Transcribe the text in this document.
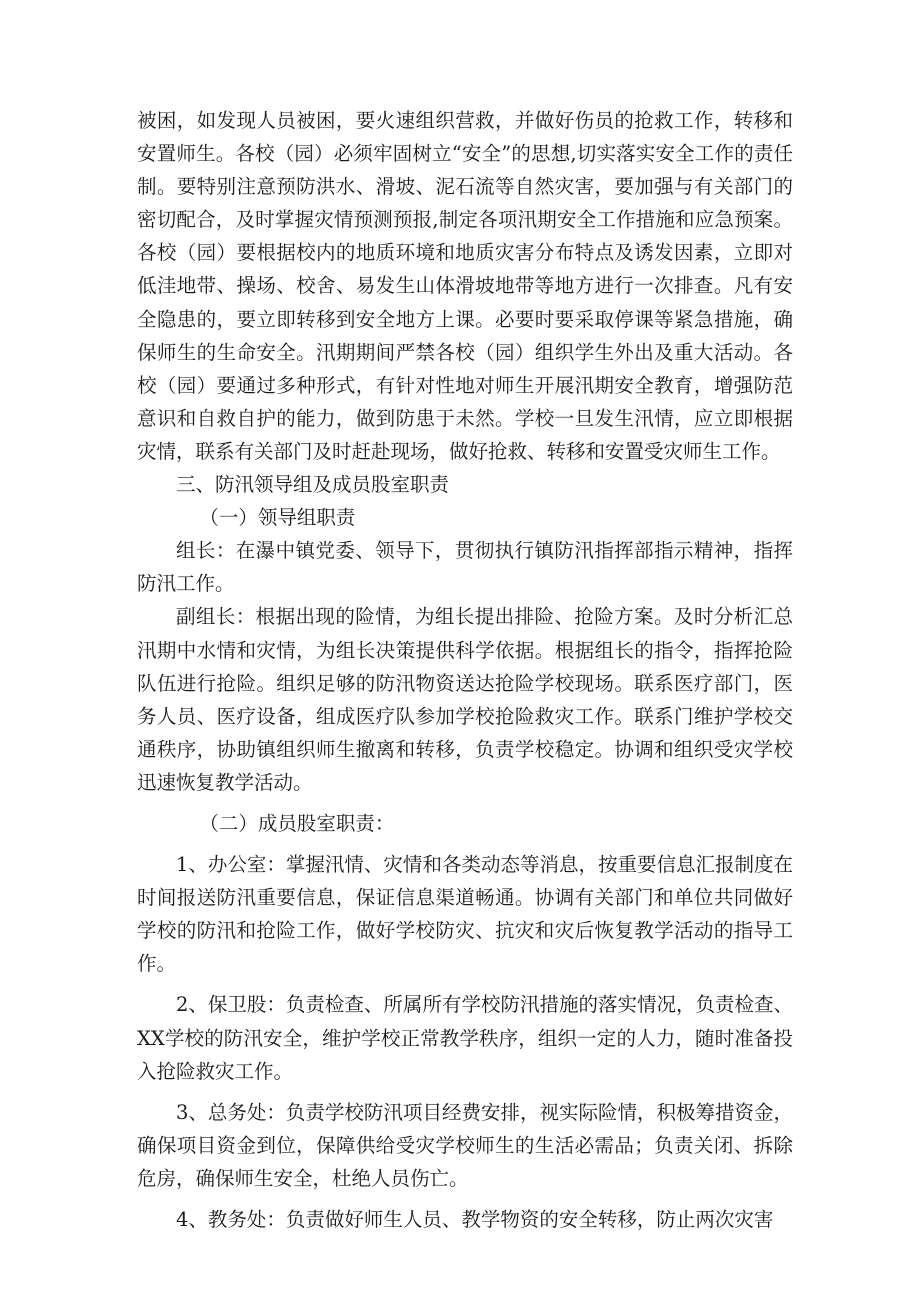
被困，如发现人员被困，要火速组织营救，并做好伤员的抢救工作，转移和安置师生。各校（园）必须牢固树立“安全”的思想,切实落实安全工作的责任制。要特别注意预防洪水、滑坡、泥石流等自然灾害，要加强与有关部门的密切配合，及时掌握灾情预测预报,制定各项汛期安全工作措施和应急预案。各校（园）要根据校内的地质环境和地质灾害分布特点及诱发因素，立即对低洼地带、操场、校舍、易发生山体滑坡地带等地方进行一次排查。凡有安全隐患的，要立即转移到安全地方上课。必要时要采取停课等紧急措施，确保师生的生命安全。汛期期间严禁各校（园）组织学生外出及重大活动。各校（园）要通过多种形式，有针对性地对师生开展汛期安全教育，增强防范意识和自救自护的能力，做到防患于未然。学校一旦发生汛情，应立即根据灾情，联系有关部门及时赶赴现场，做好抢救、转移和安置受灾师生工作。

三、防汛领导组及成员股室职责

（一）领导组职责

组长：在瀑中镇党委、领导下，贯彻执行镇防汛指挥部指示精神，指挥防汛工作。

副组长：根据出现的险情，为组长提出排险、抢险方案。及时分析汇总汛期中水情和灾情，为组长决策提供科学依据。根据组长的指令，指挥抢险队伍进行抢险。组织足够的防汛物资送达抢险学校现场。联系医疗部门，医务人员、医疗设备，组成医疗队参加学校抢险救灾工作。联系门维护学校交通秩序，协助镇组织师生撤离和转移，负责学校稳定。协调和组织受灾学校迅速恢复教学活动。

（二）成员股室职责：

1、办公室：掌握汛情、灾情和各类动态等消息，按重要信息汇报制度在时间报送防汛重要信息，保证信息渠道畅通。协调有关部门和单位共同做好学校的防汛和抢险工作，做好学校防灾、抗灾和灾后恢复教学活动的指导工作。

2、保卫股：负责检查、所属所有学校防汛措施的落实情况，负责检查、XX学校的防汛安全，维护学校正常教学秩序，组织一定的人力，随时准备投入抢险救灾工作。

3、总务处：负责学校防汛项目经费安排，视实际险情，积极筹措资金，确保项目资金到位，保障供给受灾学校师生的生活必需品；负责关闭、拆除危房，确保师生安全，杜绝人员伤亡。

4、教务处：负责做好师生人员、教学物资的安全转移，防止两次灾害
